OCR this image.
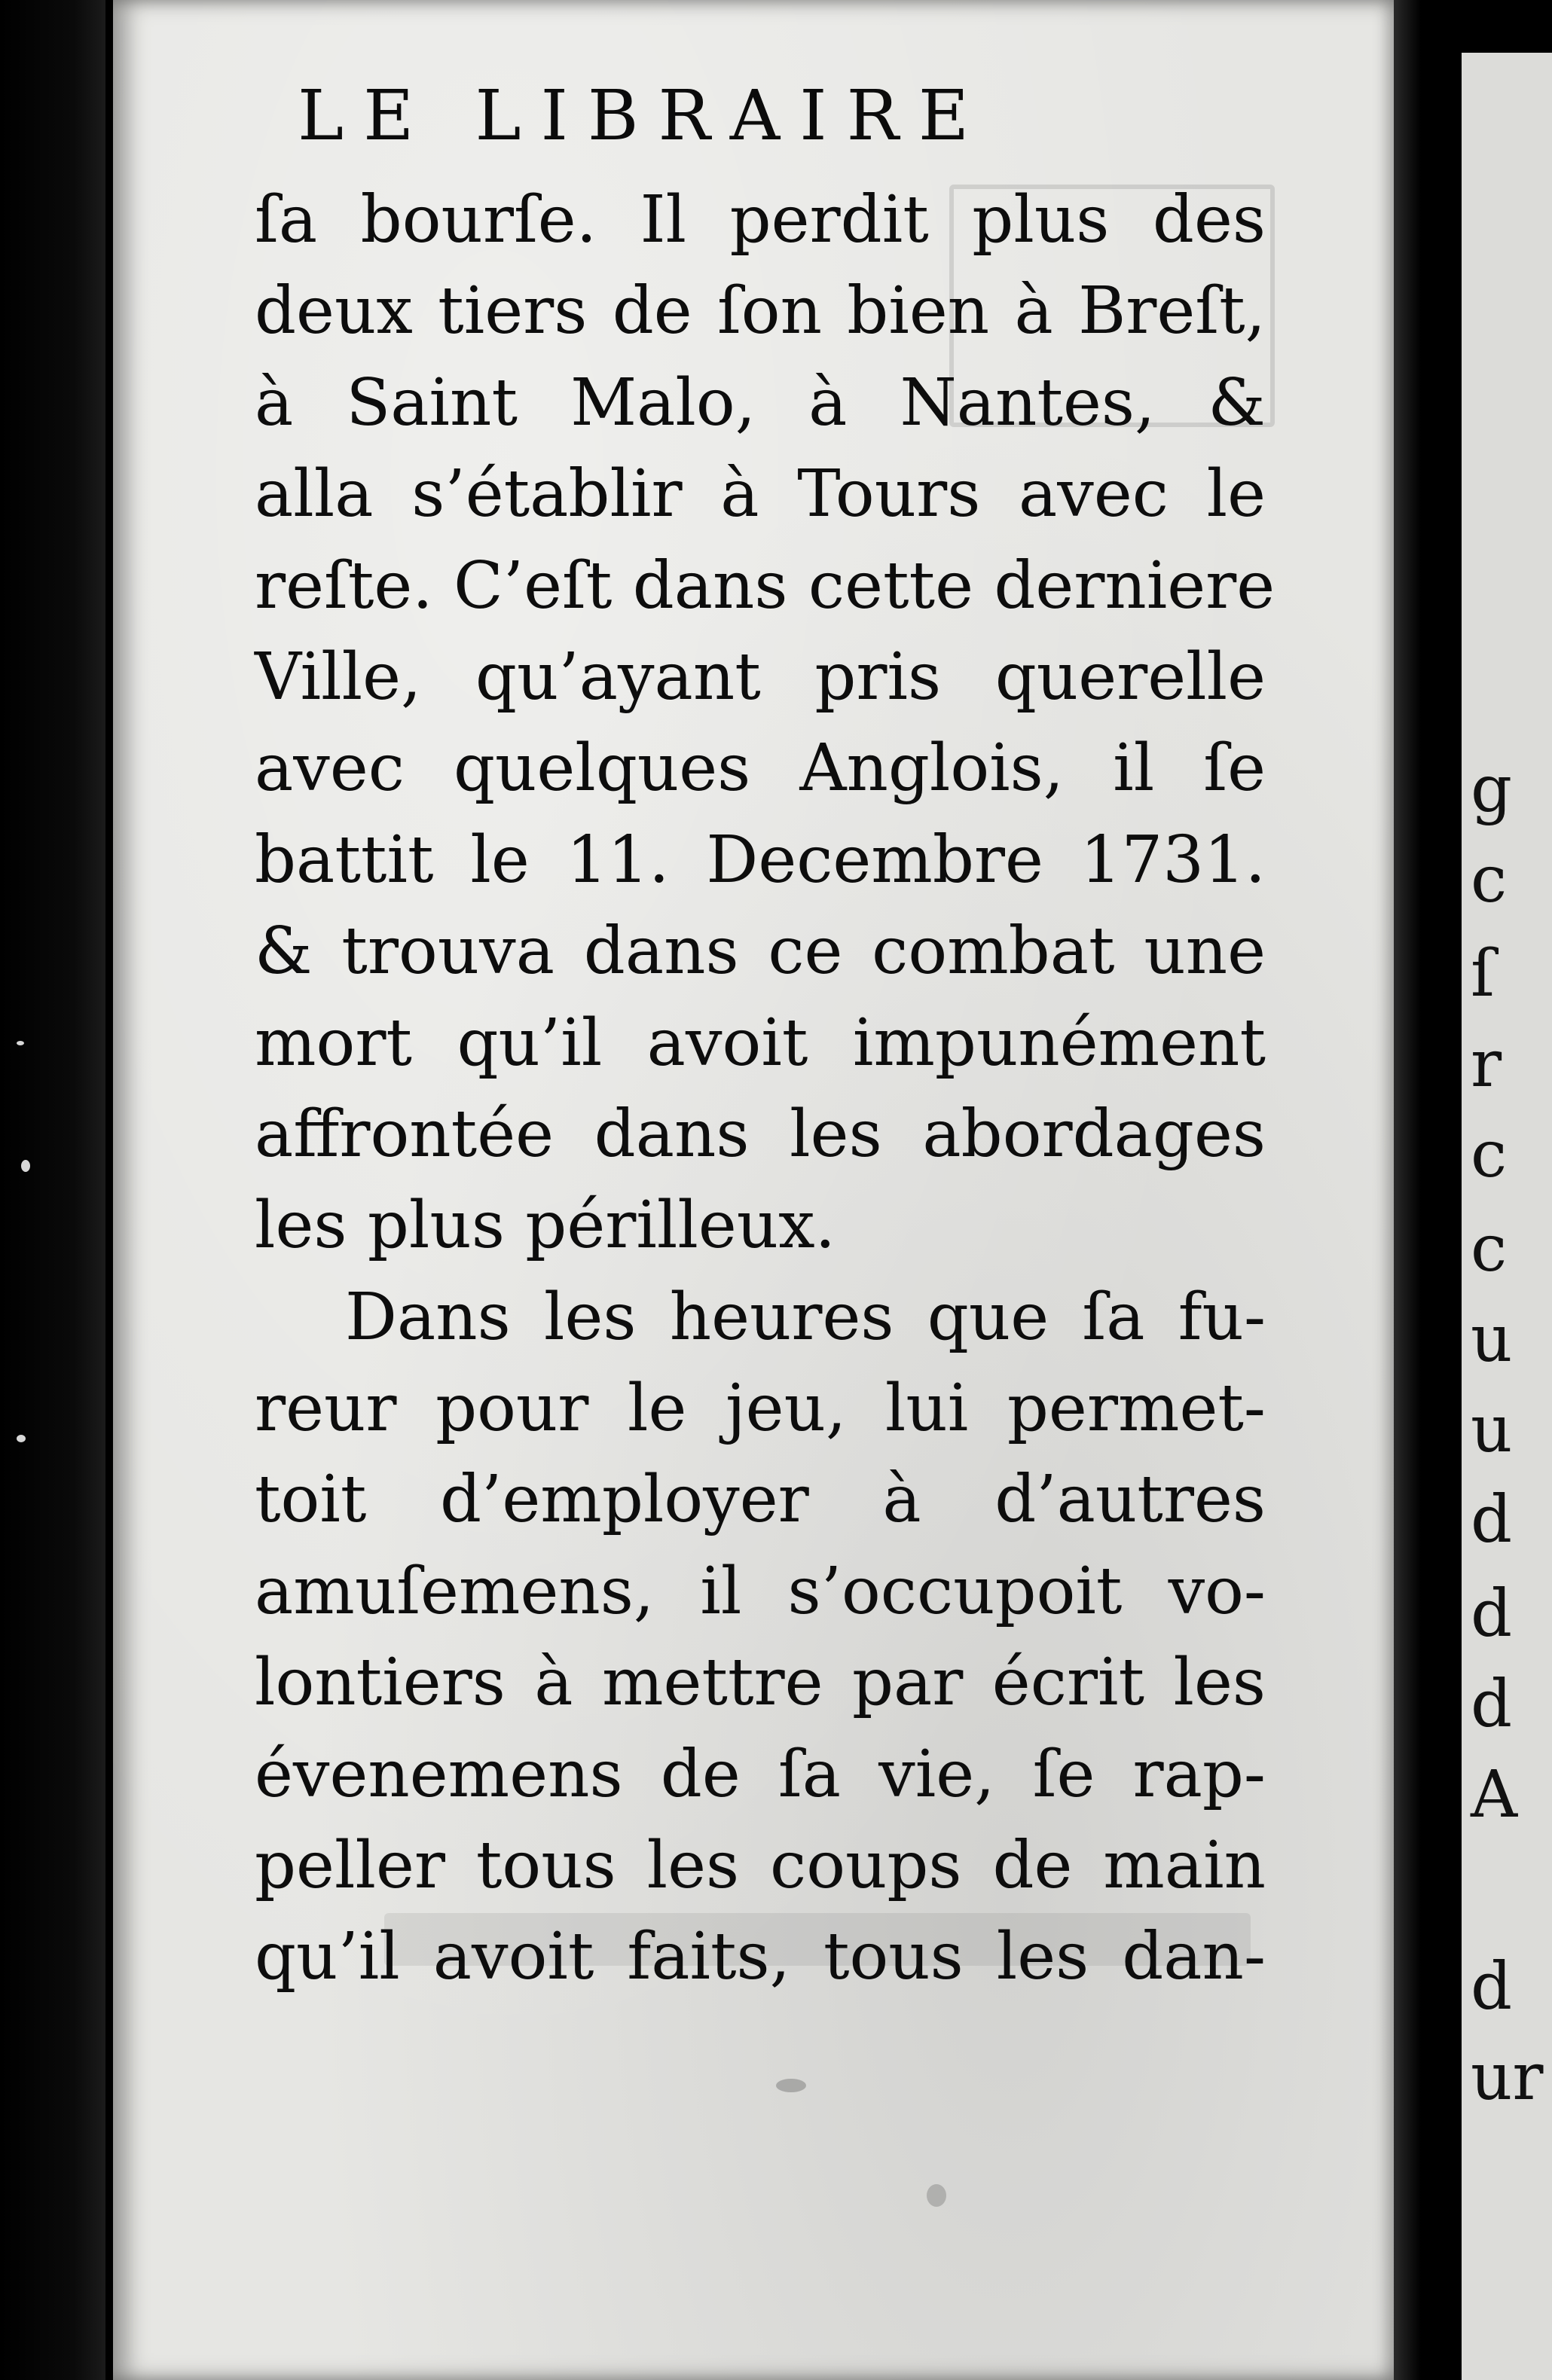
LE LIBRAIRE
ſa bourſe. Il perdit plus des
deux tiers de ſon bien à Breſt,
à Saint Malo, à Nantes, &
alla s’établir à Tours avec le
reſte. C’eſt dans cette derniere
Ville, qu’ayant pris querelle
avec quelques Anglois, il ſe
battit le 11. Decembre 1731.
& trouva dans ce combat une
mort qu’il avoit impunément
affrontée dans les abordages
les plus périlleux.
Dans les heures que ſa fu-
reur pour le jeu, lui permet-
toit d’employer à d’autres
amuſemens, il s’occupoit vo-
lontiers à mettre par écrit les
évenemens de ſa vie, ſe rap-
peller tous les coups de main
qu’il avoit faits, tous les dan-
g
c
ſ
r
c
c
u
u
d
d
d
A
d
ur
